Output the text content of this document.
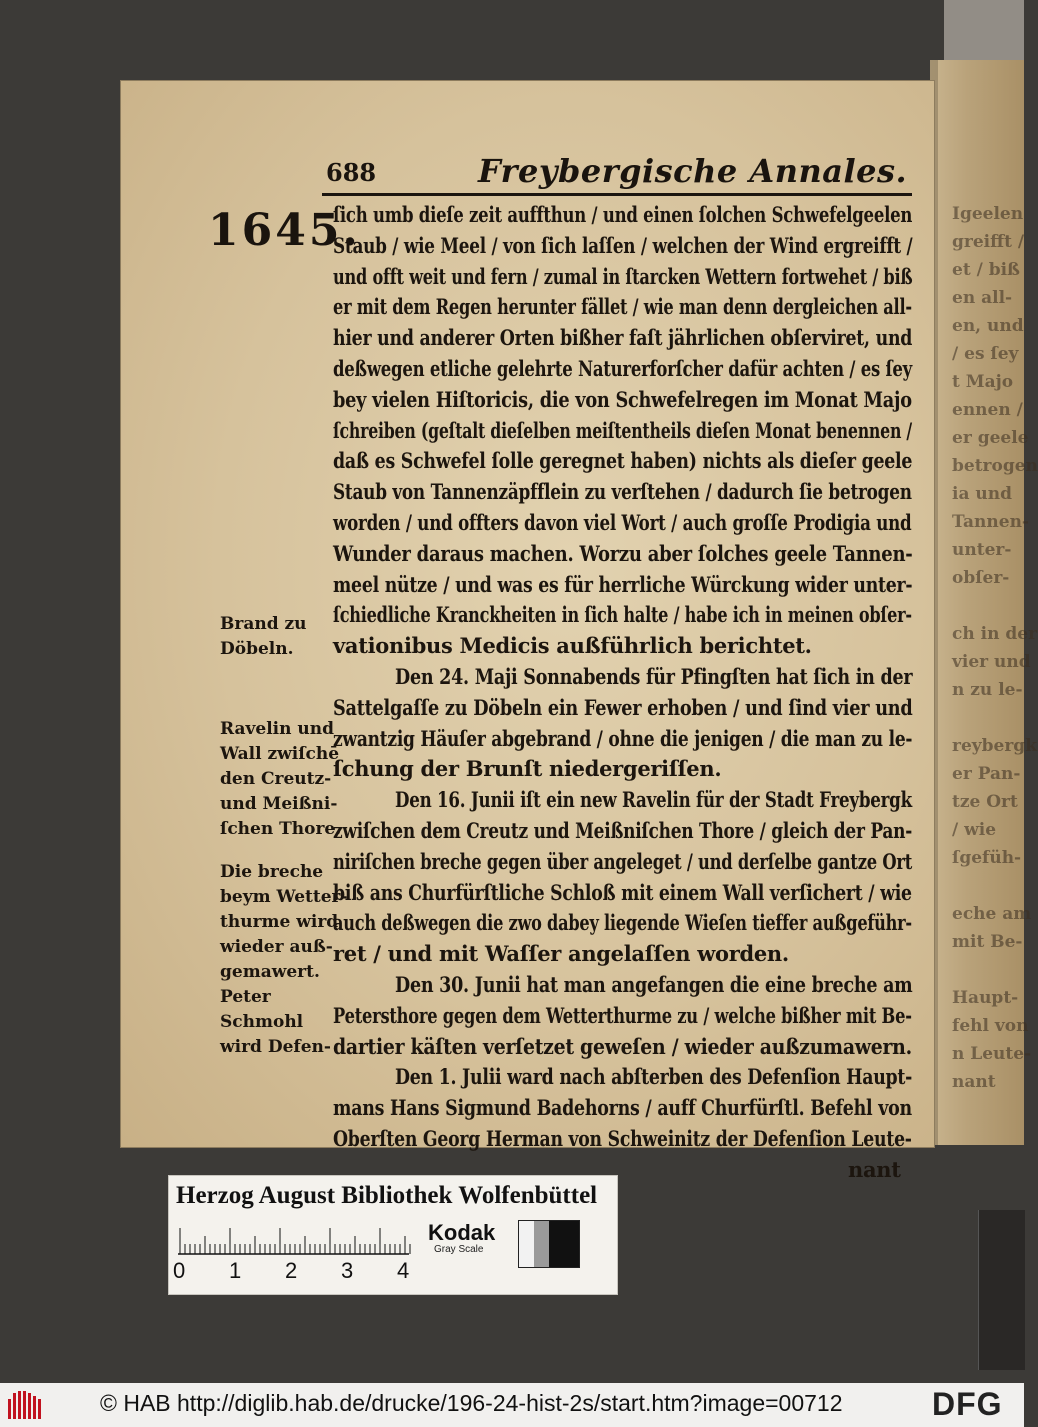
Igeelen
greifft /
et / biß
en all-
en, und
/ es ſey
t Majo
ennen /
er geele
betrogen
ia und
Tannen-
unter-
obſer-
ch in der
vier und
n zu le-
reybergk
er Pan-
tze Ort
/ wie
ſgefüh-
eche am
mit Be-
Haupt-
fehl von
n Leute-
nant
688	Freybergische Annales.
1645.
ſich umb dieſe zeit auffthun / und einen ſolchen Schwefelgeelen
Staub / wie Meel / von ſich laſſen / welchen der Wind ergreifft /
und offt weit und fern / zumal in ſtarcken Wettern fortwehet / biß
er mit dem Regen herunter fället / wie man denn dergleichen all-
hier und anderer Orten bißher faſt jährlichen obſerviret, und
deßwegen etliche gelehrte Naturerforſcher dafür achten / es ſey
bey vielen Hiſtoricis, die von Schwefelregen im Monat Majo
ſchreiben (geſtalt dieſelben meiſtentheils dieſen Monat benennen /
daß es Schwefel ſolle geregnet haben) nichts als dieſer geele
Staub von Tannenzäpfflein zu verſtehen / dadurch ſie betrogen
worden / und offters davon viel Wort / auch groſſe Prodigia und
Wunder daraus machen. Worzu aber ſolches geele Tannen-
meel nütze / und was es für herrliche Würckung wider unter-
ſchiedliche Kranckheiten in ſich halte / habe ich in meinen obſer-
vationibus Medicis außführlich berichtet.
Den 24. Maji Sonnabends für Pfingſten hat ſich in der
Sattelgaſſe zu Döbeln ein Fewer erhoben / und ſind vier und
zwantzig Häuſer abgebrand / ohne die jenigen / die man zu le-
ſchung der Brunſt niedergeriſſen.
Den 16. Junii iſt ein new Ravelin für der Stadt Freybergk
zwiſchen dem Creutz und Meißniſchen Thore / gleich der Pan-
niriſchen breche gegen über angeleget / und derſelbe gantze Ort
biß ans Churfürſtliche Schloß mit einem Wall verſichert / wie
auch deßwegen die zwo dabey liegende Wieſen tieffer außgeführ-
ret / und mit Waſſer angelaſſen worden.
Den 30. Junii hat man angefangen die eine breche am
Petersthore gegen dem Wetterthurme zu / welche bißher mit Be-
dartier käſten verſetzet geweſen / wieder außzumawern.
Den 1. Julii ward nach abſterben des Defenſion Haupt-
mans Hans Sigmund Badehorns / auff Churfürſtl. Befehl von
Oberſten Georg Herman von Schweinitz der Defenſion Leute-
nant
Brand zu
Döbeln.
Ravelin und
Wall zwiſchē
den Creutz-
und Meißni-
ſchen Thore.
Die breche
beym Wetter-
thurme wird
wieder auß-
gemawert.
Peter
Schmohl
wird Defen-
Herzog August Bibliothek Wolfenbüttel
0 1 2 3 4
Kodak
Gray Scale
© HAB http://diglib.hab.de/drucke/196-24-hist-2s/start.htm?image=00712	DFG
